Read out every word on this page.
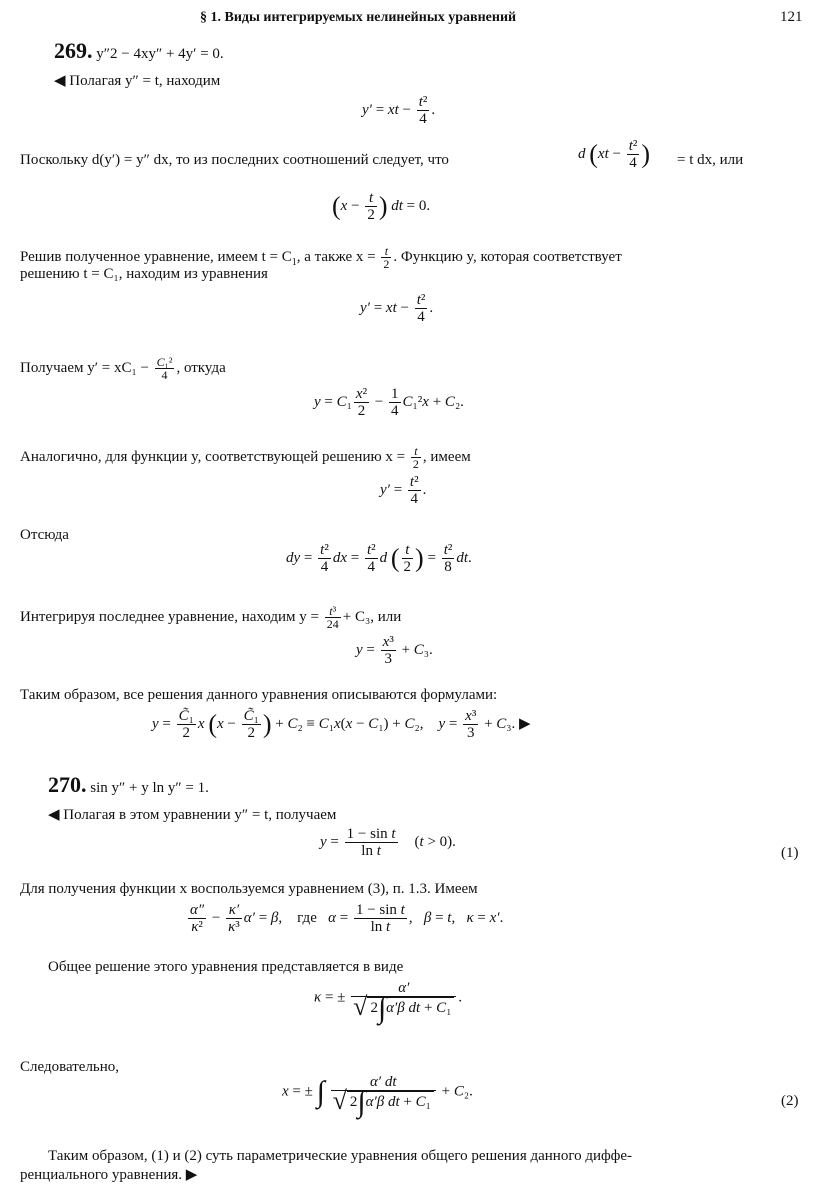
§ 1. Виды интегрируемых нелинейных уравнений	121
269. y″2 − 4xy″ + 4y′ = 0.
◀ Полагая y″ = t, находим
y′ = xt − $\frac{\text{t²}}{4}$ .
Поскольку d(y′) = y″ dx, то из последних соотношений следует, что	d ($xt - \frac{\text{t²}}{4}$ ) = t dx, или
($x - \frac{t}{2}$ ) dt = 0.
Решив полученное уравнение, имеем $t = C_1$, а также $x = \frac{t}{2}$ . Функцию y, которая соответствует
решению t = C₁, находим из уравнения
y′ = xt − $\frac{\text{t²}}{4}$ .
Получаем $y' = xC_1 - \frac{\text{C₁²}}{4}$ , откуда
$y = C_1 \frac{\text{x²}}{2} - \frac{1}{4} C_1^2x + C_2$.
Аналогично, для функции y, соответствующей решению $x = \frac{t}{2}$ , имеем
$y' = \frac{\text{t²}}{4}$ .
Отсюда
dy = $\frac{\text{t²}}{4}$ dx = $\frac{\text{t²}}{4}$ d ( $\frac{t}{2}$ ) = $\frac{\text{t²}}{8}$ dt.
Интегрируя последнее уравнение, находим $y = \frac{\text{t³}}{24} + C_3$, или
$y = \frac{\text{x³}}{3} + C_3$.
Таким образом, все решения данного уравнения описываются формулами:
$y = \frac{\text{C̃₁}}{2}$ x ($x - \frac{\text{C̃₁}}{2}$ ) + C₂ ≡ C₁x(x − C₁) + C₂,    $y = \frac{\text{x³}}{3} + C_3$. ▶
270. sin y″ + y ln y″ = 1.
◀ Полагая в этом уравнении y″ = t, получаем
$y = \frac{\text{1 − sin t}}{\text{ln t}} (t > 0)$.
(1)
Для получения функции x воспользуемся уравнением (3), п. 1.3. Имеем
$\frac{\alpha''}{\text{κ²}} - \frac{\kappa'}{\text{κ³}} \alpha' = \beta$,    где   $\alpha = \frac{\text{1 − sin t}}{\text{ln t}}$ ,   β = t,   κ = x′.
Общее решение этого уравнения представляется в виде
κ = ± $\frac{\alpha'}{\text{√ 2∫α′β dt + C₁}}$ .
Следовательно,
x = ± ∫ $\frac{\alpha' dt}{\text{√ 2∫α′β dt + C₁}} + C_2$.
(2)
Таким образом, (1) и (2) суть параметрические уравнения общего решения данного диффе-
ренциального уравнения. ▶
